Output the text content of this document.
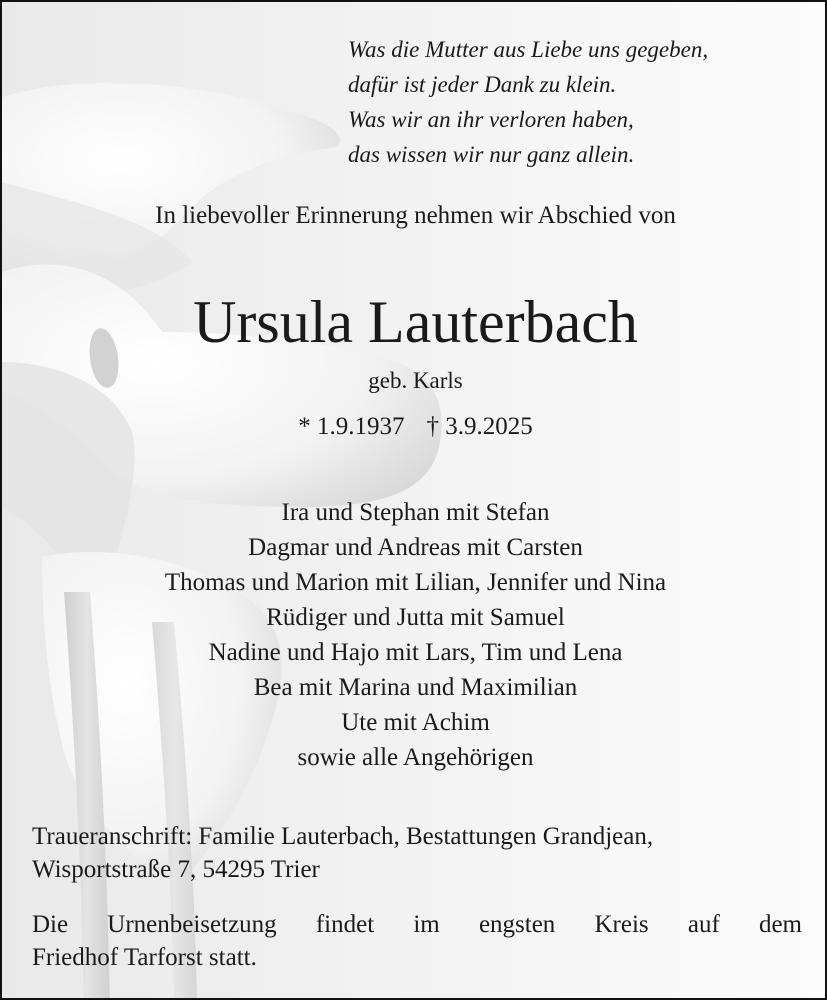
Was die Mutter aus Liebe uns gegeben,
dafür ist jeder Dank zu klein.
Was wir an ihr verloren haben,
das wissen wir nur ganz allein.
In liebevoller Erinnerung nehmen wir Abschied von
Ursula Lauterbach
geb. Karls
* 1.9.1937 † 3.9.2025
Ira und Stephan mit Stefan
Dagmar und Andreas mit Carsten
Thomas und Marion mit Lilian, Jennifer und Nina
Rüdiger und Jutta mit Samuel
Nadine und Hajo mit Lars, Tim und Lena
Bea mit Marina und Maximilian
Ute mit Achim
sowie alle Angehörigen
Traueranschrift: Familie Lauterbach, Bestattungen Grandjean,
Wisportstraße 7, 54295 Trier
Die Urnenbeisetzung findet im engsten Kreis auf dem
Friedhof Tarforst statt.
